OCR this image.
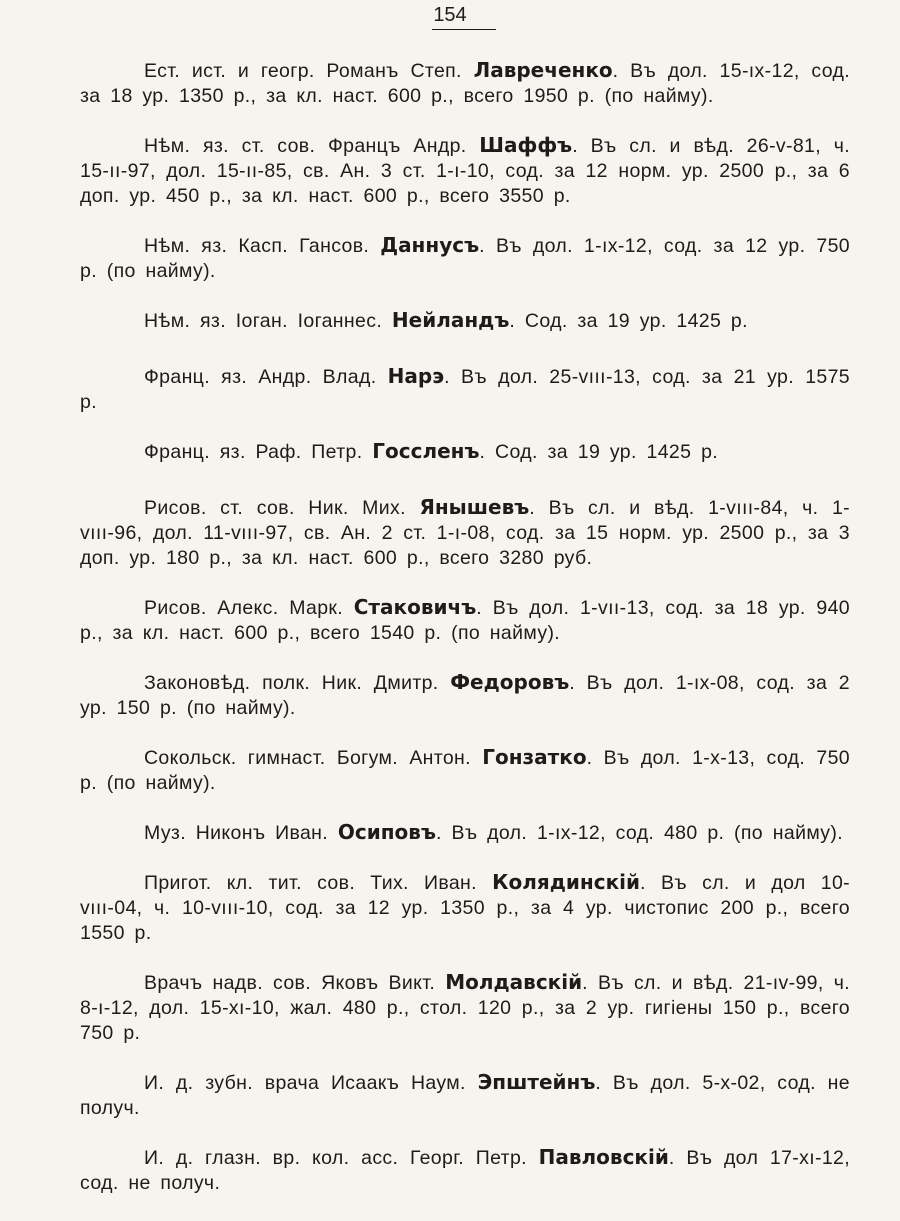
154

Ест. ист. и геогр. Романъ Степ. Лавреченко. Въ дол. 15-ıх-12, сод. за 18 ур. 1350 р., за кл. наст. 600 р., всего 1950 р. (по найму).

Нѣм. яз. ст. сов. Францъ Андр. Шаффъ. Въ сл. и вѣд. 26-v-81, ч. 15-ıı-97, дол. 15-ıı-85, св. Ан. 3 ст. 1-ı-10, сод. за 12 норм. ур. 2500 р., за 6 доп. ур. 450 р., за кл. наст. 600 р., всего 3550 р.

Нѣм. яз. Касп. Гансов. Даннусъ. Въ дол. 1-ıх-12, сод. за 12 ур. 750 р. (по найму).

Нѣм. яз. Іоган. Іоганнес. Нейландъ. Сод. за 19 ур. 1425 р.

Франц. яз. Андр. Влад. Нарэ. Въ дол. 25-vııı-13, сод. за 21 ур. 1575 р.

Франц. яз. Раф. Петр. Госсленъ. Сод. за 19 ур. 1425 р.

Рисов. ст. сов. Ник. Мих. Янышевъ. Въ сл. и вѣд. 1-vııı-84, ч. 1-vııı-96, дол. 11-vııı-97, св. Ан. 2 ст. 1-ı-08, сод. за 15 норм. ур. 2500 р., за 3 доп. ур. 180 р., за кл. наст. 600 р., всего 3280 руб.

Рисов. Алекс. Марк. Стаковичъ. Въ дол. 1-vıı-13, сод. за 18 ур. 940 р., за кл. наст. 600 р., всего 1540 р. (по найму).

Законовѣд. полк. Ник. Дмитр. Федоровъ. Въ дол. 1-ıх-08, сод. за 2 ур. 150 р. (по найму).

Сокольск. гимнаст. Богум. Антон. Гонзатко. Въ дол. 1-х-13, сод. 750 р. (по найму).

Муз. Никонъ Иван. Осиповъ. Въ дол. 1-ıх-12, сод. 480 р. (по найму).

Пригот. кл. тит. сов. Тих. Иван. Колядинскій. Въ сл. и дол 10-vııı-04, ч. 10-vııı-10, сод. за 12 ур. 1350 р., за 4 ур. чистопис 200 р., всего 1550 р.

Врачъ надв. сов. Яковъ Викт. Молдавскій. Въ сл. и вѣд. 21-ıv-99, ч. 8-ı-12, дол. 15-хı-10, жал. 480 р., стол. 120 р., за 2 ур. гигіены 150 р., всего 750 р.

И. д. зубн. врача Исаакъ Наум. Эпштейнъ. Въ дол. 5-х-02, сод. не получ.

И. д. глазн. вр. кол. асс. Георг. Петр. Павловскій. Въ дол 17-хı-12, сод. не получ.
